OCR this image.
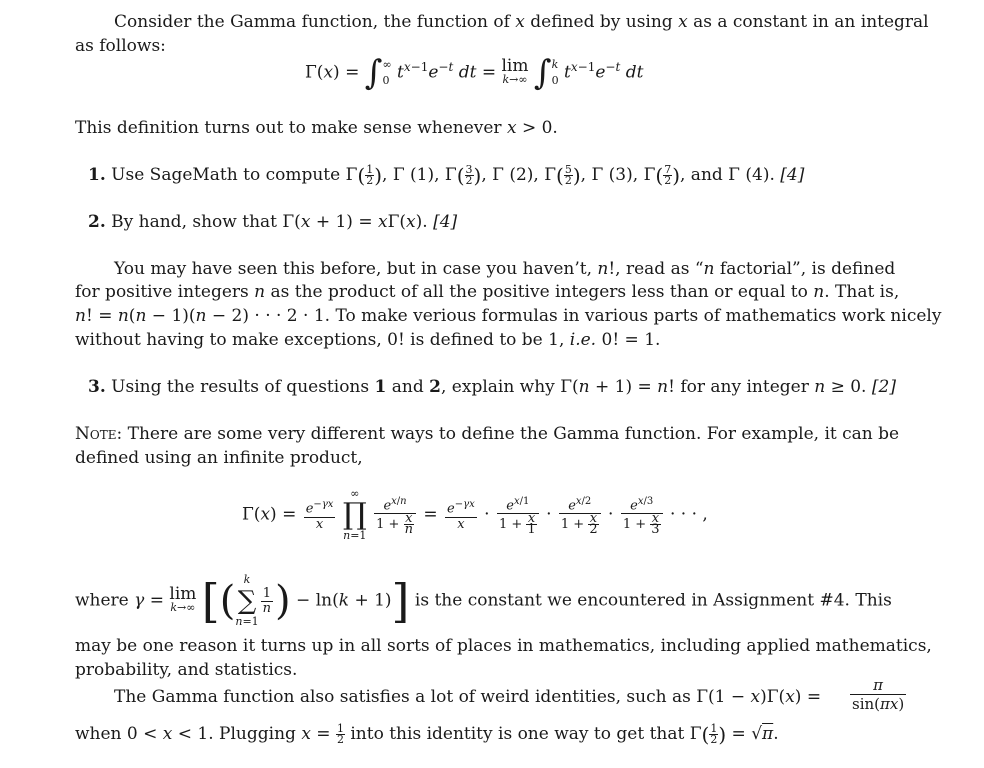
Consider the Gamma function, the function of x defined by using x as a constant in an integral
as follows:
Γ(x) = ∫ ∞
0 $t^{x-1}e^{-t}$ dt = lim
k→∞ ∫ k
0 $t^{x-1}e^{-t}$ dt
This definition turns out to make sense whenever x > 0.
1. Use SageMath to compute $\Gamma( \frac{1}{2}$ ), Γ (1), $\Gamma( \frac{3}{2}$ ), Γ (2), $\Gamma( \frac{5}{2}$ ), Γ (3), $\Gamma( \frac{7}{2}$ ), and Γ (4). [4]
2. By hand, show that Γ(x + 1) = xΓ(x). [4]
You may have seen this before, but in case you haven’t, n!, read as “n factorial”, is defined
for positive integers n as the product of all the positive integers less than or equal to n. That is,
n! = n(n − 1)(n − 2) · · · 2 · 1. To make verious formulas in various parts of mathematics work nicely
without having to make exceptions, 0! is defined to be 1, i.e. 0! = 1.
3. Using the results of questions 1 and 2, explain why Γ(n + 1) = n! for any integer n ≥ 0. [2]
Note: There are some very different ways to define the Gamma function. For example, it can be
defined using an infinite product,
$\Gamma(x) = \frac{e^{-\gamma x}}{x}$

∞
∏
n=1

$\frac{e^{x/n}}{1 + \frac{x}{n}} = \frac{e^{-\gamma x}}{x} \cdot \frac{e^{x/1}}{1 + \frac{x}{1}} \cdot \frac{e^{x/2}}{1 + \frac{x}{2}} \cdot \frac{e^{x/3}}{1 + \frac{x}{3}}$ · · · ,
where γ = lim
k→∞ [( k
∑
n=1
$\frac{1}{n}$ ) − ln(k + 1)] is the constant we encountered in Assignment #4. This
may be one reason it turns up in all sorts of places in mathematics, including applied mathematics,
probability, and statistics.
The Gamma function also satisfies a lot of weird identities, such as $\Gamma(1 - x)\Gamma(x) = \frac{\pi}{\sin(\pi x)}$
when 0 < x < 1. Plugging $x = \frac{1}{2}$ into this identity is one way to get that $\Gamma( \frac{1}{2}$ ) = √π.
